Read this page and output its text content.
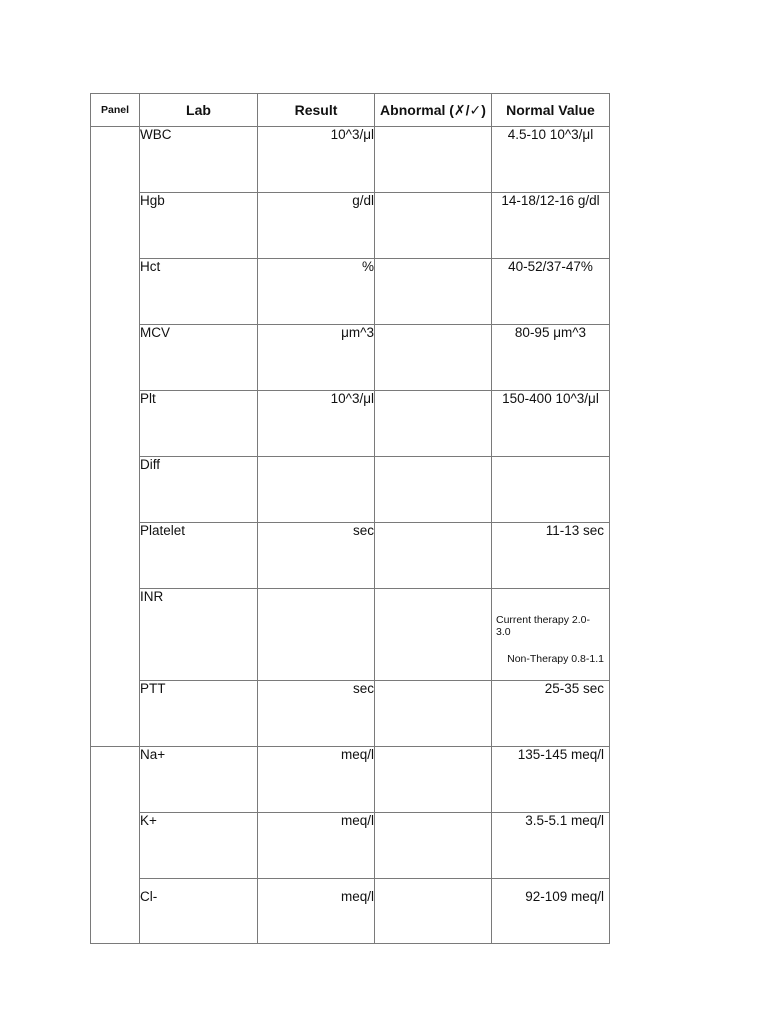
Panel	Lab	Result	Abnormal (✗/✓)	Normal Value
	WBC	10^3/μl		4.5-10 10^3/μl
	Hgb	g/dl		14-18/12-16 g/dl
	Hct	%		40-52/37-47%
	MCV	μm^3		80-95 μm^3
	Plt	10^3/μl		150-400 10^3/μl
	Diff			
	Platelet	sec		11-13 sec
	INR			Current therapy 2.0-3.0
Non-Therapy 0.8-1.1

	PTT	sec		25-35 sec
	Na+	meq/l		135-145 meq/l
	K+	meq/l		3.5-5.1 meq/l
	Cl-	meq/l		92-109 meq/l
